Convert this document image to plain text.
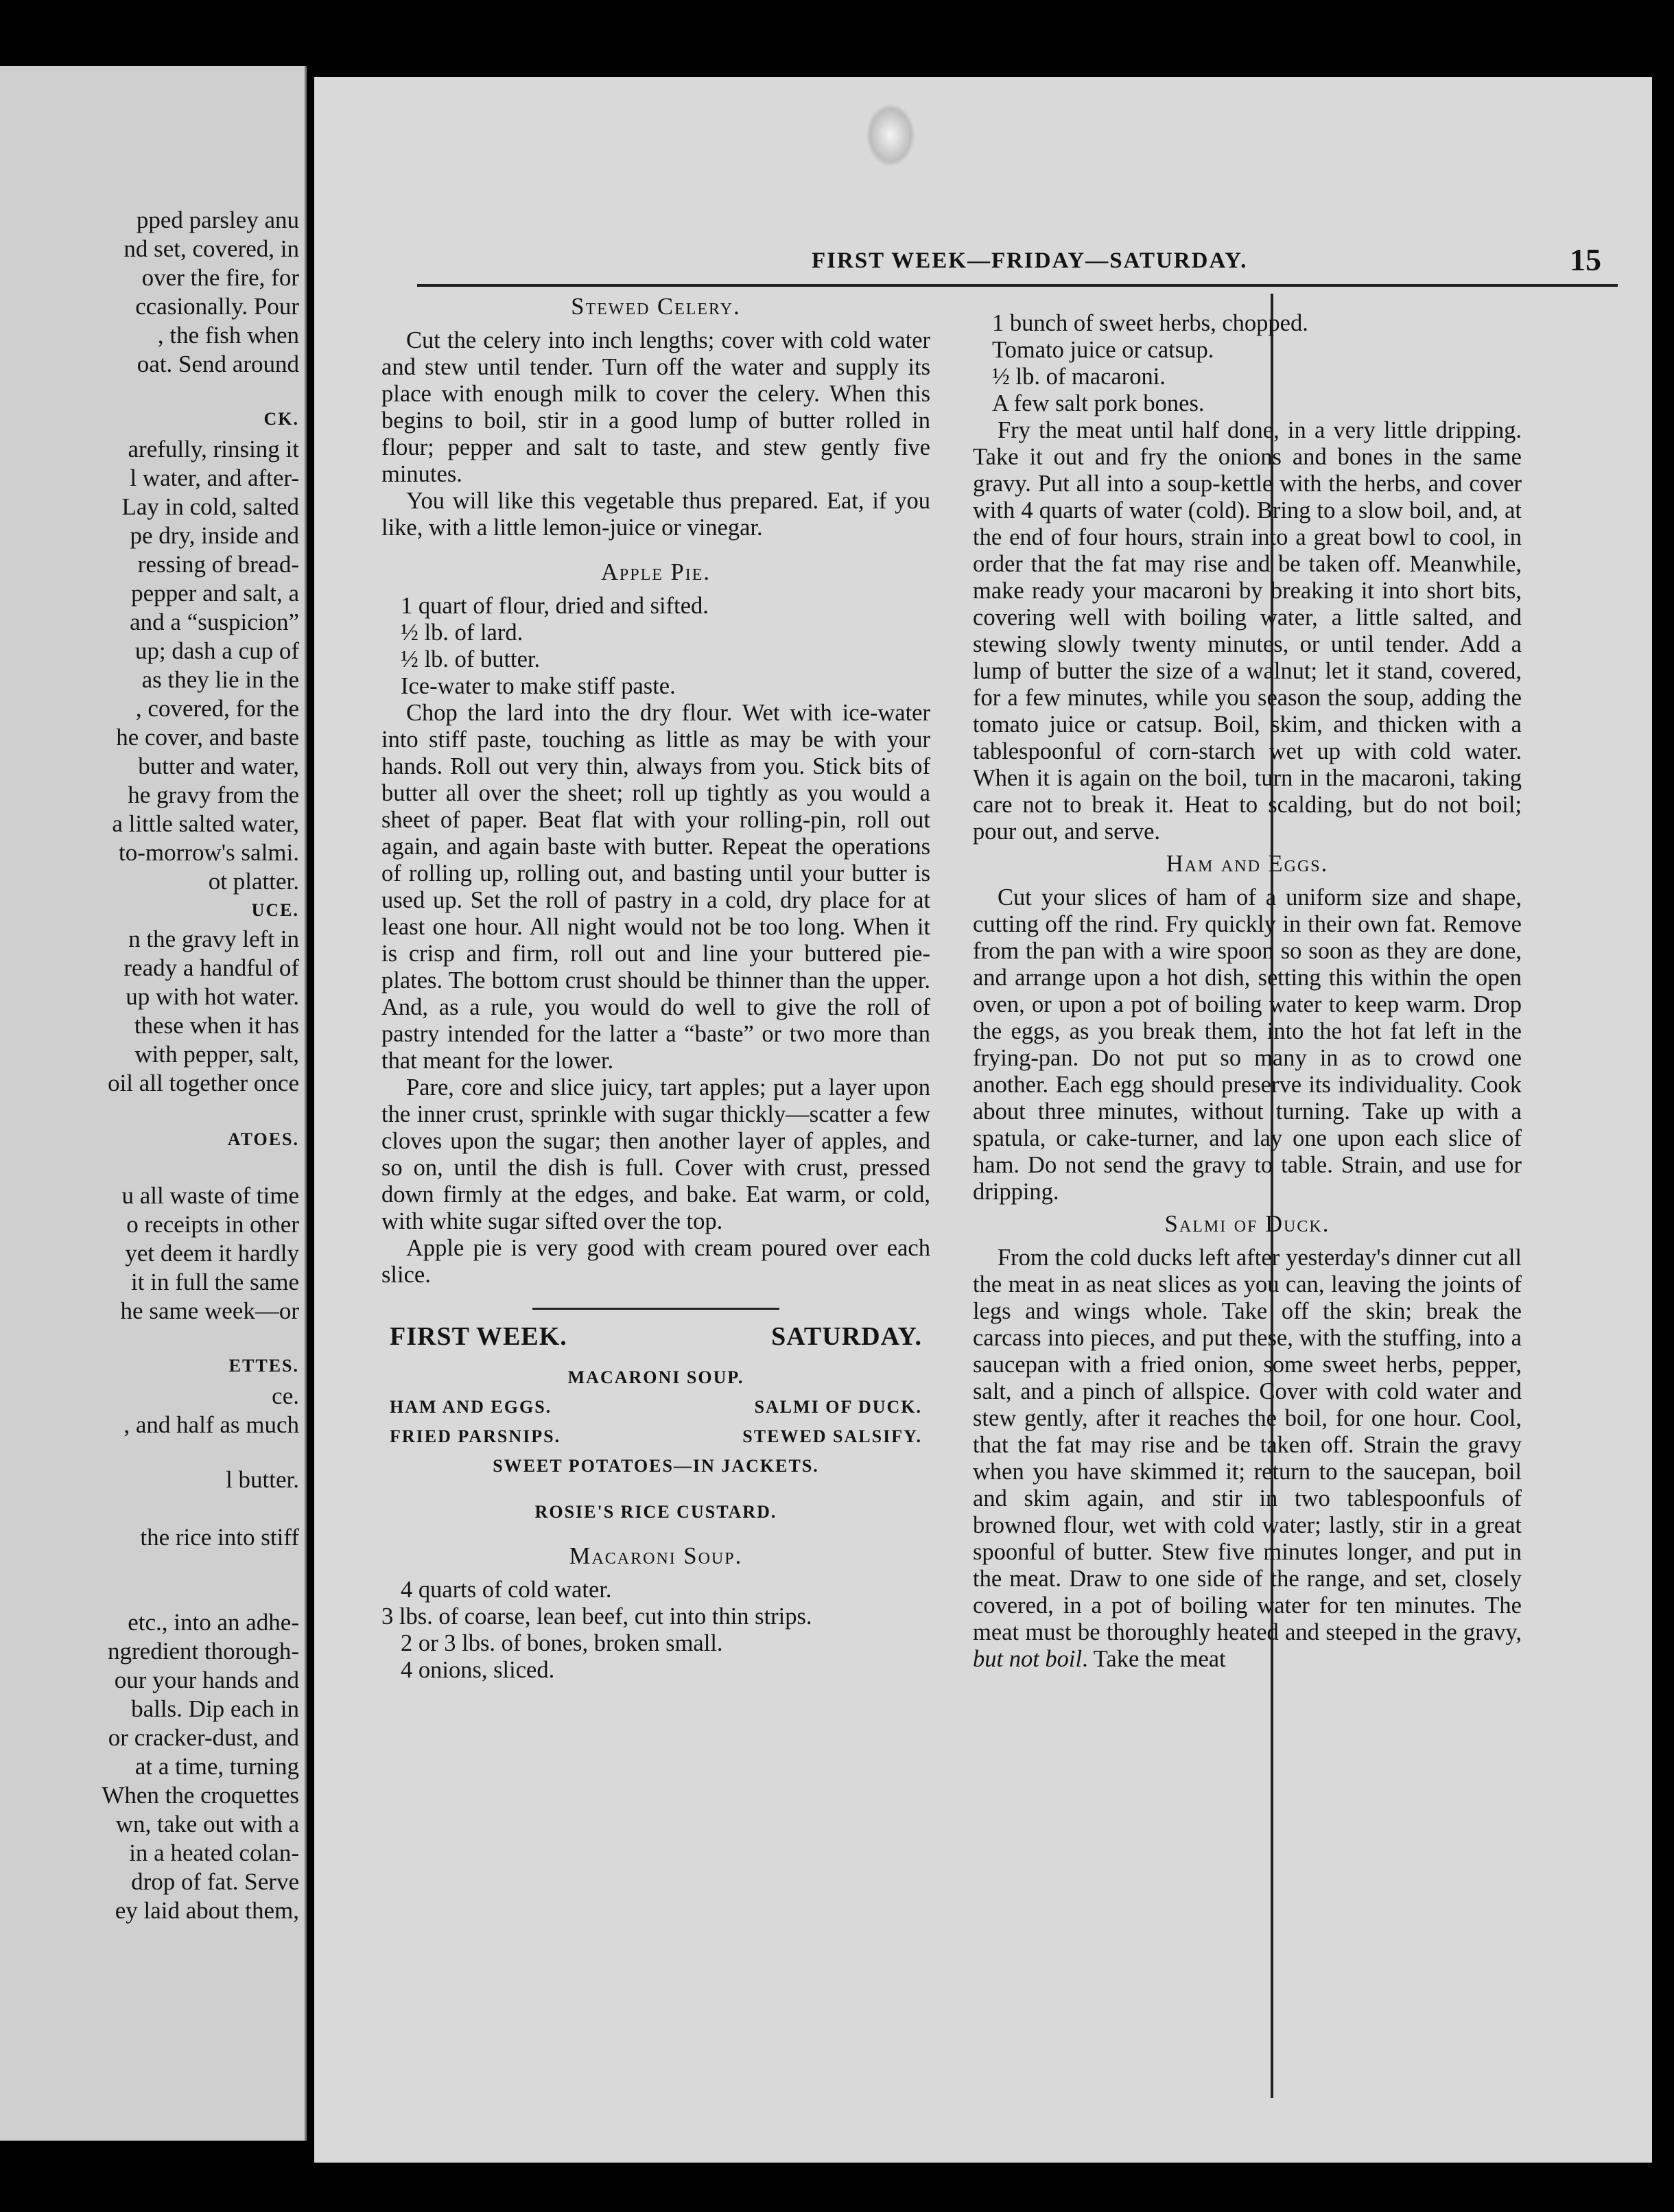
pped parsley anu
nd set, covered, in
over the fire, for
ccasionally. Pour
, the fish when
oat. Send around
CK.
arefully, rinsing it
l water, and after-
Lay in cold, salted
pe dry, inside and
ressing of bread-
pepper and salt, a
and a “suspicion”
up; dash a cup of
as they lie in the
, covered, for the
he cover, and baste
butter and water,
he gravy from the
a little salted water,
to-morrow's salmi.
ot platter.
UCE.
n the gravy left in
ready a handful of
up with hot water.
these when it has
with pepper, salt,
oil all together once
ATOES.
u all waste of time
o receipts in other
yet deem it hardly
it in full the same
he same week—or
ETTES.
ce.
, and half as much
l butter.
the rice into stiff
etc., into an adhe-
ngredient thorough-
our your hands and
balls. Dip each in
or cracker-dust, and
at a time, turning
When the croquettes
wn, take out with a
in a heated colan-
drop of fat. Serve
ey laid about them,
FIRST WEEK—FRIDAY—SATURDAY.	15

Stewed Celery.

Cut the celery into inch lengths; cover with cold water and stew until tender. Turn off the water and supply its place with enough milk to cover the celery. When this begins to boil, stir in a good lump of butter rolled in flour; pepper and salt to taste, and stew gently five minutes.

You will like this vegetable thus prepared. Eat, if you like, with a little lemon-juice or vinegar.

Apple Pie.

1 quart of flour, dried and sifted.

½ lb. of lard.

½ lb. of butter.

Ice-water to make stiff paste.

Chop the lard into the dry flour. Wet with ice-water into stiff paste, touching as little as may be with your hands. Roll out very thin, always from you. Stick bits of butter all over the sheet; roll up tightly as you would a sheet of paper. Beat flat with your rolling-pin, roll out again, and again baste with butter. Repeat the operations of rolling up, rolling out, and basting until your butter is used up. Set the roll of pastry in a cold, dry place for at least one hour. All night would not be too long. When it is crisp and firm, roll out and line your buttered pie-plates. The bottom crust should be thinner than the upper. And, as a rule, you would do well to give the roll of pastry intended for the latter a “baste” or two more than that meant for the lower.

Pare, core and slice juicy, tart apples; put a layer upon the inner crust, sprinkle with sugar thickly—scatter a few cloves upon the sugar; then another layer of apples, and so on, until the dish is full. Cover with crust, pressed down firmly at the edges, and bake. Eat warm, or cold, with white sugar sifted over the top.

Apple pie is very good with cream poured over each slice.

FIRST WEEK.	SATURDAY.
MACARONI SOUP.
HAM AND EGGS.	SALMI OF DUCK.
FRIED PARSNIPS.	STEWED SALSIFY.
SWEET POTATOES—IN JACKETS.
ROSIE'S RICE CUSTARD.

Macaroni Soup.

4 quarts of cold water.

3 lbs. of coarse, lean beef, cut into thin strips.

2 or 3 lbs. of bones, broken small.

4 onions, sliced.

1 bunch of sweet herbs, chopped.

Tomato juice or catsup.

½ lb. of macaroni.

A few salt pork bones.

Fry the meat until half done, in a very little dripping. Take it out and fry the onions and bones in the same gravy. Put all into a soup-kettle with the herbs, and cover with 4 quarts of water (cold). Bring to a slow boil, and, at the end of four hours, strain into a great bowl to cool, in order that the fat may rise and be taken off. Meanwhile, make ready your macaroni by breaking it into short bits, covering well with boiling water, a little salted, and stewing slowly twenty minutes, or until tender. Add a lump of butter the size of a walnut; let it stand, covered, for a few minutes, while you season the soup, adding the tomato juice or catsup. Boil, skim, and thicken with a tablespoonful of corn-starch wet up with cold water. When it is again on the boil, turn in the macaroni, taking care not to break it. Heat to scalding, but do not boil; pour out, and serve.

Ham and Eggs.

Cut your slices of ham of a uniform size and shape, cutting off the rind. Fry quickly in their own fat. Remove from the pan with a wire spoon so soon as they are done, and arrange upon a hot dish, setting this within the open oven, or upon a pot of boiling water to keep warm. Drop the eggs, as you break them, into the hot fat left in the frying-pan. Do not put so many in as to crowd one another. Each egg should preserve its individuality. Cook about three minutes, without turning. Take up with a spatula, or cake-turner, and lay one upon each slice of ham. Do not send the gravy to table. Strain, and use for dripping.

Salmi of Duck.

From the cold ducks left after yesterday's dinner cut all the meat in as neat slices as you can, leaving the joints of legs and wings whole. Take off the skin; break the carcass into pieces, and put these, with the stuffing, into a saucepan with a fried onion, some sweet herbs, pepper, salt, and a pinch of allspice. Cover with cold water and stew gently, after it reaches the boil, for one hour. Cool, that the fat may rise and be taken off. Strain the gravy when you have skimmed it; return to the saucepan, boil and skim again, and stir in two tablespoonfuls of browned flour, wet with cold water; lastly, stir in a great spoonful of butter. Stew five minutes longer, and put in the meat. Draw to one side of the range, and set, closely covered, in a pot of boiling water for ten minutes. The meat must be thoroughly heated and steeped in the gravy, but not boil. Take the meat
